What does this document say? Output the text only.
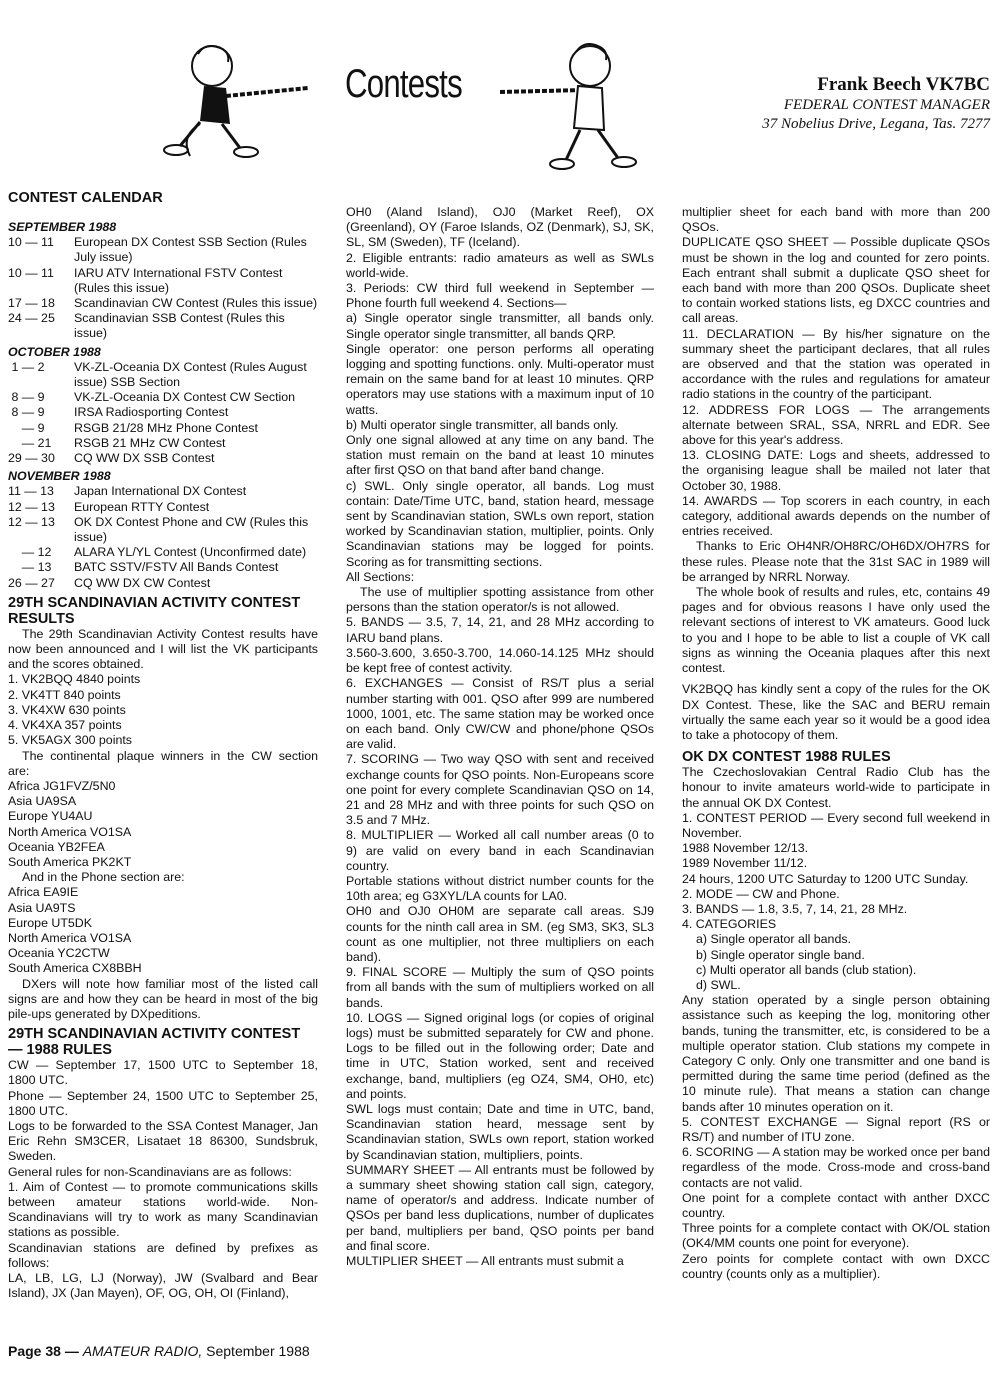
Contests	Frank Beech VK7BC
FEDERAL CONTEST MANAGER
37 Nobelius Drive, Legana, Tas. 7277
CONTEST CALENDAR
SEPTEMBER 1988
10 — 11	European DX Contest SSB Section (Rules July issue)
10 — 11	IARU ATV International FSTV Contest (Rules this issue)
17 — 18	Scandinavian CW Contest (Rules this issue)
24 — 25	Scandinavian SSB Contest (Rules this issue)
OCTOBER 1988
1 — 2	VK-ZL-Oceania DX Contest (Rules August issue) SSB Section
8 — 9	VK-ZL-Oceania DX Contest CW Section
8 — 9	IRSA Radiosporting Contest
— 9	RSGB 21/28 MHz Phone Contest
— 21	RSGB 21 MHz CW Contest
29 — 30	CQ WW DX SSB Contest
NOVEMBER 1988
11 — 13	Japan International DX Contest
12 — 13	European RTTY Contest
12 — 13	OK DX Contest Phone and CW (Rules this issue)
— 12	ALARA YL/YL Contest (Unconfirmed date)
— 13	BATC SSTV/FSTV All Bands Contest
26 — 27	CQ WW DX CW Contest
29TH SCANDINAVIAN ACTIVITY CONTEST RESULTS

The 29th Scandinavian Activity Contest results have now been announced and I will list the VK participants and the scores obtained.

1. VK2BQQ 4840 points

2. VK4TT 840 points

3. VK4XW 630 points

4. VK4XA 357 points

5. VK5AGX 300 points

The continental plaque winners in the CW section are:

Africa JG1FVZ/5N0

Asia UA9SA

Europe YU4AU

North America VO1SA

Oceania YB2FEA

South America PK2KT

And in the Phone section are:

Africa EA9IE

Asia UA9TS

Europe UT5DK

North America VO1SA

Oceania YC2CTW

South America CX8BBH

DXers will note how familiar most of the listed call signs are and how they can be heard in most of the big pile-ups generated by DXpeditions.

29TH SCANDINAVIAN ACTIVITY CONTEST — 1988 RULES

CW — September 17, 1500 UTC to September 18, 1800 UTC.

Phone — September 24, 1500 UTC to September 25, 1800 UTC.

Logs to be forwarded to the SSA Contest Manager, Jan Eric Rehn SM3CER, Lisataet 18 86300, Sundsbruk, Sweden.

General rules for non-Scandinavians are as follows:

1. Aim of Contest — to promote communications skills between amateur stations world-wide. Non-Scandinavians will try to work as many Scandinavian stations as possible.

Scandinavian stations are defined by prefixes as follows:

LA, LB, LG, LJ (Norway), JW (Svalbard and Bear Island), JX (Jan Mayen), OF, OG, OH, OI (Finland),

OH0 (Aland Island), OJ0 (Market Reef), OX (Greenland), OY (Faroe Islands, OZ (Denmark), SJ, SK, SL, SM (Sweden), TF (Iceland).

2. Eligible entrants: radio amateurs as well as SWLs world-wide.

3. Periods: CW third full weekend in September — Phone fourth full weekend 4. Sections—

a) Single operator single transmitter, all bands only. Single operator single transmitter, all bands QRP.

Single operator: one person performs all operating logging and spotting functions. only. Multi-operator must remain on the same band for at least 10 minutes. QRP operators may use stations with a maximum input of 10 watts.

b) Multi operator single transmitter, all bands only.

Only one signal allowed at any time on any band. The station must remain on the band at least 10 minutes after first QSO on that band after band change.

c) SWL. Only single operator, all bands. Log must contain: Date/Time UTC, band, station heard, message sent by Scandinavian station, SWLs own report, station worked by Scandinavian station, multiplier, points. Only Scandinavian stations may be logged for points. Scoring as for transmitting sections.

All Sections:

The use of multiplier spotting assistance from other persons than the station operator/s is not allowed.

5. BANDS — 3.5, 7, 14, 21, and 28 MHz according to IARU band plans.

3.560-3.600, 3.650-3.700, 14.060-14.125 MHz should be kept free of contest activity.

6. EXCHANGES — Consist of RS/T plus a serial number starting with 001. QSO after 999 are numbered 1000, 1001, etc. The same station may be worked once on each band. Only CW/CW and phone/phone QSOs are valid.

7. SCORING — Two way QSO with sent and received exchange counts for QSO points. Non-Europeans score one point for every complete Scandinavian QSO on 14, 21 and 28 MHz and with three points for such QSO on 3.5 and 7 MHz.

8. MULTIPLIER — Worked all call number areas (0 to 9) are valid on every band in each Scandinavian country.

Portable stations without district number counts for the 10th area; eg G3XYL/LA counts for LA0.

OH0 and OJ0 OH0M are separate call areas. SJ9 counts for the ninth call area in SM. (eg SM3, SK3, SL3 count as one multiplier, not three multipliers on each band).

9. FINAL SCORE — Multiply the sum of QSO points from all bands with the sum of multipliers worked on all bands.

10. LOGS — Signed original logs (or copies of original logs) must be submitted separately for CW and phone. Logs to be filled out in the following order; Date and time in UTC, Station worked, sent and received exchange, band, multipliers (eg OZ4, SM4, OH0, etc) and points.

SWL logs must contain; Date and time in UTC, band, Scandinavian station heard, message sent by Scandinavian station, SWLs own report, station worked by Scandinavian station, multipliers, points.

SUMMARY SHEET — All entrants must be followed by a summary sheet showing station call sign, category, name of operator/s and address. Indicate number of QSOs per band less duplications, number of duplicates per band, multipliers per band, QSO points per band and final score.

MULTIPLIER SHEET — All entrants must submit a

multiplier sheet for each band with more than 200 QSOs.

DUPLICATE QSO SHEET — Possible duplicate QSOs must be shown in the log and counted for zero points. Each entrant shall submit a duplicate QSO sheet for each band with more than 200 QSOs. Duplicate sheet to contain worked stations lists, eg DXCC countries and call areas.

11. DECLARATION — By his/her signature on the summary sheet the participant declares, that all rules are observed and that the station was operated in accordance with the rules and regulations for amateur radio stations in the country of the participant.

12. ADDRESS FOR LOGS — The arrangements alternate between SRAL, SSA, NRRL and EDR. See above for this year's address.

13. CLOSING DATE: Logs and sheets, addressed to the organising league shall be mailed not later that October 30, 1988.

14. AWARDS — Top scorers in each country, in each category, additional awards depends on the number of entries received.

Thanks to Eric OH4NR/OH8RC/OH6DX/OH7RS for these rules. Please note that the 31st SAC in 1989 will be arranged by NRRL Norway.

The whole book of results and rules, etc, contains 49 pages and for obvious reasons I have only used the relevant sections of interest to VK amateurs. Good luck to you and I hope to be able to list a couple of VK call signs as winning the Oceania plaques after this next contest.

VK2BQQ has kindly sent a copy of the rules for the OK DX Contest. These, like the SAC and BERU remain virtually the same each year so it would be a good idea to take a photocopy of them.

OK DX CONTEST 1988 RULES

The Czechoslovakian Central Radio Club has the honour to invite amateurs world-wide to participate in the annual OK DX Contest.

1. CONTEST PERIOD — Every second full weekend in November.

1988 November 12/13.

1989 November 11/12.

24 hours, 1200 UTC Saturday to 1200 UTC Sunday.

2. MODE — CW and Phone.

3. BANDS — 1.8, 3.5, 7, 14, 21, 28 MHz.

4. CATEGORIES

a) Single operator all bands.

b) Single operator single band.

c) Multi operator all bands (club station).

d) SWL.

Any station operated by a single person obtaining assistance such as keeping the log, monitoring other bands, tuning the transmitter, etc, is considered to be a multiple operator station. Club stations my compete in Category C only. Only one transmitter and one band is permitted during the same time period (defined as the 10 minute rule). That means a station can change bands after 10 minutes operation on it.

5. CONTEST EXCHANGE — Signal report (RS or RS/T) and number of ITU zone.

6. SCORING — A station may be worked once per band regardless of the mode. Cross-mode and cross-band contacts are not valid.

One point for a complete contact with anther DXCC country.

Three points for a complete contact with OK/OL station (OK4/MM counts one point for everyone).

Zero points for complete contact with own DXCC country (counts only as a multiplier).

Page 38 — AMATEUR RADIO, September 1988
